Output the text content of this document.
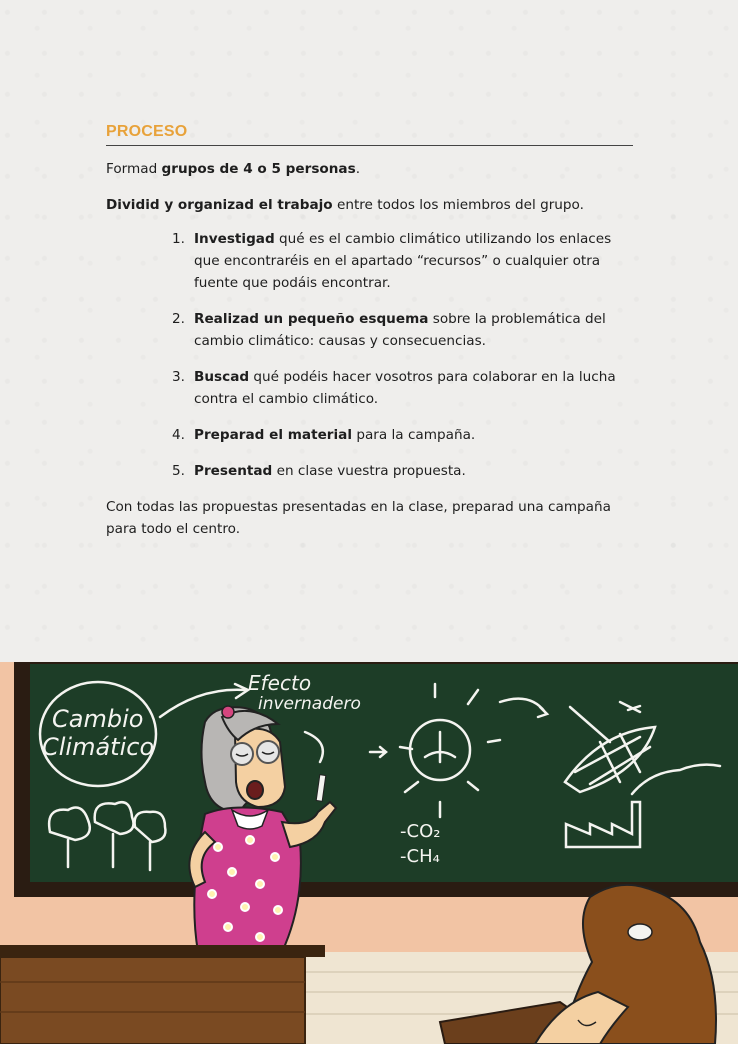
PROCESO

Formad grupos de 4 o 5 personas.

Dividid y organizad el trabajo entre todos los miembros del grupo.

1. Investigad qué es el cambio climático utilizando los enlaces que encontraréis en el apartado “recursos” o cualquier otra fuente que podáis encontrar.
2. Realizad un pequeño esquema sobre la problemática del cambio climático: causas y consecuencias.
3. Buscad qué podéis hacer vosotros para colaborar en la lucha contra el cambio climático.
4. Preparad el material para la campaña.
5. Presentad en clase vuestra propuesta.

Con todas las propuestas presentadas en la clase, preparad una campaña para todo el centro.

Cambio
Climático
Efecto
invernadero
-CO₂
-CH₄
